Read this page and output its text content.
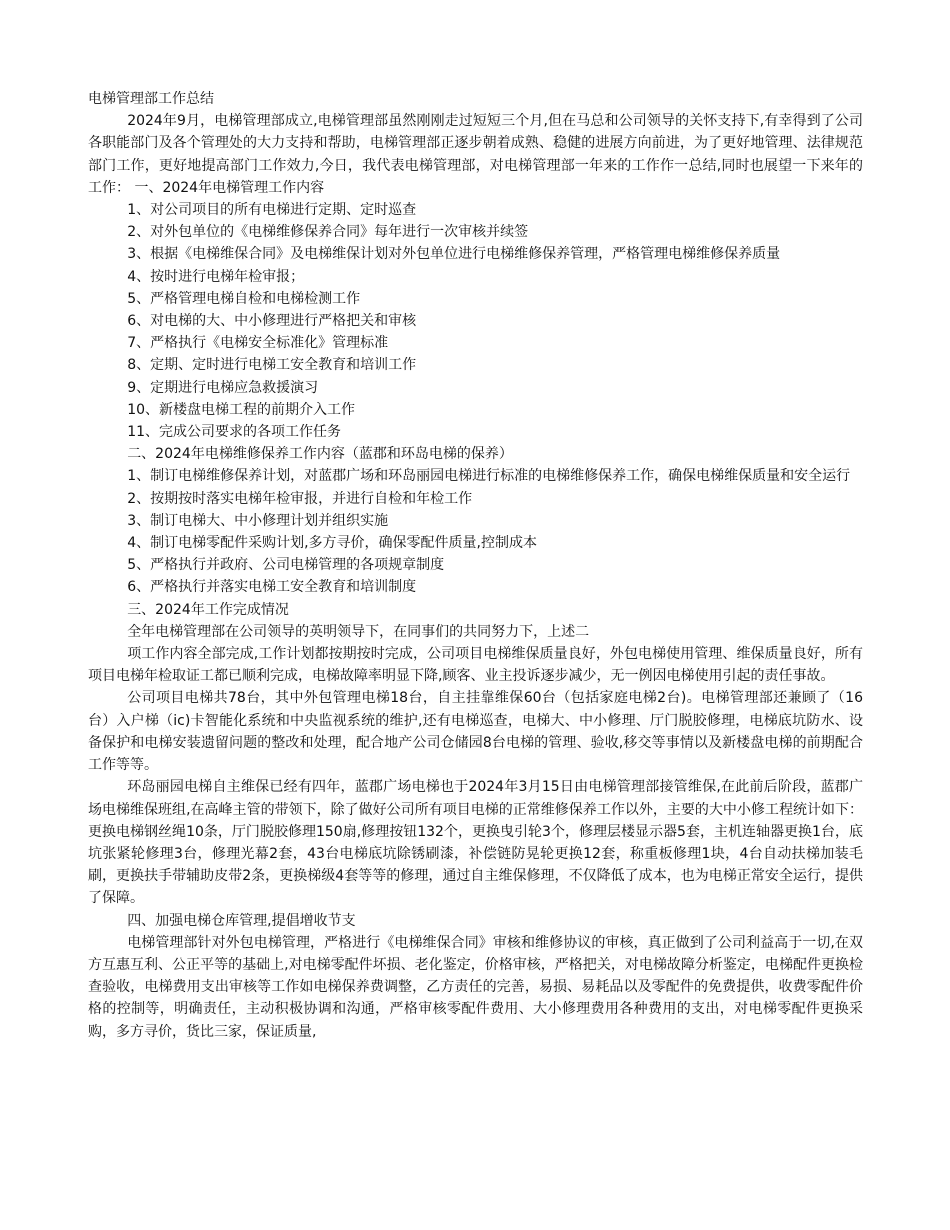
电梯管理部工作总结

2024年9月，电梯管理部成立,电梯管理部虽然刚刚走过短短三个月,但在马总和公司领导的关怀支持下,有幸得到了公司各职能部门及各个管理处的大力支持和帮助，电梯管理部正逐步朝着成熟、稳健的进展方向前进，为了更好地管理、法律规范部门工作，更好地提高部门工作效力,今日，我代表电梯管理部，对电梯管理部一年来的工作作一总结,同时也展望一下来年的工作： 一、2024年电梯管理工作内容

1、对公司项目的所有电梯进行定期、定时巡查

2、对外包单位的《电梯维修保养合同》每年进行一次审核并续签

3、根据《电梯维保合同》及电梯维保计划对外包单位进行电梯维修保养管理，严格管理电梯维修保养质量

4、按时进行电梯年检审报；

5、严格管理电梯自检和电梯检测工作

6、对电梯的大、中小修理进行严格把关和审核

7、严格执行《电梯安全标准化》管理标准

8、定期、定时进行电梯工安全教育和培训工作

9、定期进行电梯应急救援演习

10、新楼盘电梯工程的前期介入工作

11、完成公司要求的各项工作任务

二、2024年电梯维修保养工作内容（蓝郡和环岛电梯的保养）

1、制订电梯维修保养计划，对蓝郡广场和环岛丽园电梯进行标准的电梯维修保养工作，确保电梯维保质量和安全运行

2、按期按时落实电梯年检审报，并进行自检和年检工作

3、制订电梯大、中小修理计划并组织实施

4、制订电梯零配件采购计划,多方寻价，确保零配件质量,控制成本

5、严格执行并政府、公司电梯管理的各项规章制度

6、严格执行并落实电梯工安全教育和培训制度

三、2024年工作完成情况

全年电梯管理部在公司领导的英明领导下，在同事们的共同努力下，上述二

项工作内容全部完成,工作计划都按期按时完成，公司项目电梯维保质量良好，外包电梯使用管理、维保质量良好，所有项目电梯年检取证工都已顺利完成，电梯故障率明显下降,顾客、业主投诉逐步减少，无一例因电梯使用引起的责任事故。

公司项目电梯共78台，其中外包管理电梯18台，自主挂靠维保60台（包括家庭电梯2台)。电梯管理部还兼顾了（16台）入户梯（ic)卡智能化系统和中央监视系统的维护,还有电梯巡查，电梯大、中小修理、厅门脱胶修理，电梯底坑防水、设备保护和电梯安装遗留问题的整改和处理，配合地产公司仓储园8台电梯的管理、验收,移交等事情以及新楼盘电梯的前期配合工作等等。

环岛丽园电梯自主维保已经有四年，蓝郡广场电梯也于2024年3月15日由电梯管理部接管维保,在此前后阶段，蓝郡广场电梯维保班组,在高峰主管的带领下，除了做好公司所有项目电梯的正常维修保养工作以外，主要的大中小修工程统计如下：更换电梯钢丝绳10条，厅门脱胶修理150扇,修理按钮132个，更换曳引轮3个，修理层楼显示器5套，主机连轴器更换1台，底坑张紧轮修理3台，修理光幕2套，43台电梯底坑除锈刷漆，补偿链防晃轮更换12套，称重板修理1块，4台自动扶梯加装毛刷，更换扶手带辅助皮带2条，更换梯级4套等等的修理，通过自主维保修理，不仅降低了成本，也为电梯正常安全运行，提供了保障。

四、加强电梯仓库管理,提倡增收节支

电梯管理部针对外包电梯管理，严格进行《电梯维保合同》审核和维修协议的审核，真正做到了公司利益高于一切,在双方互惠互利、公正平等的基础上,对电梯零配件坏损、老化鉴定，价格审核，严格把关，对电梯故障分析鉴定，电梯配件更换检查验收，电梯费用支出审核等工作如电梯保养费调整，乙方责任的完善，易损、易耗品以及零配件的免费提供，收费零配件价格的控制等，明确责任，主动积极协调和沟通，严格审核零配件费用、大小修理费用各种费用的支出，对电梯零配件更换采购，多方寻价，货比三家，保证质量,
